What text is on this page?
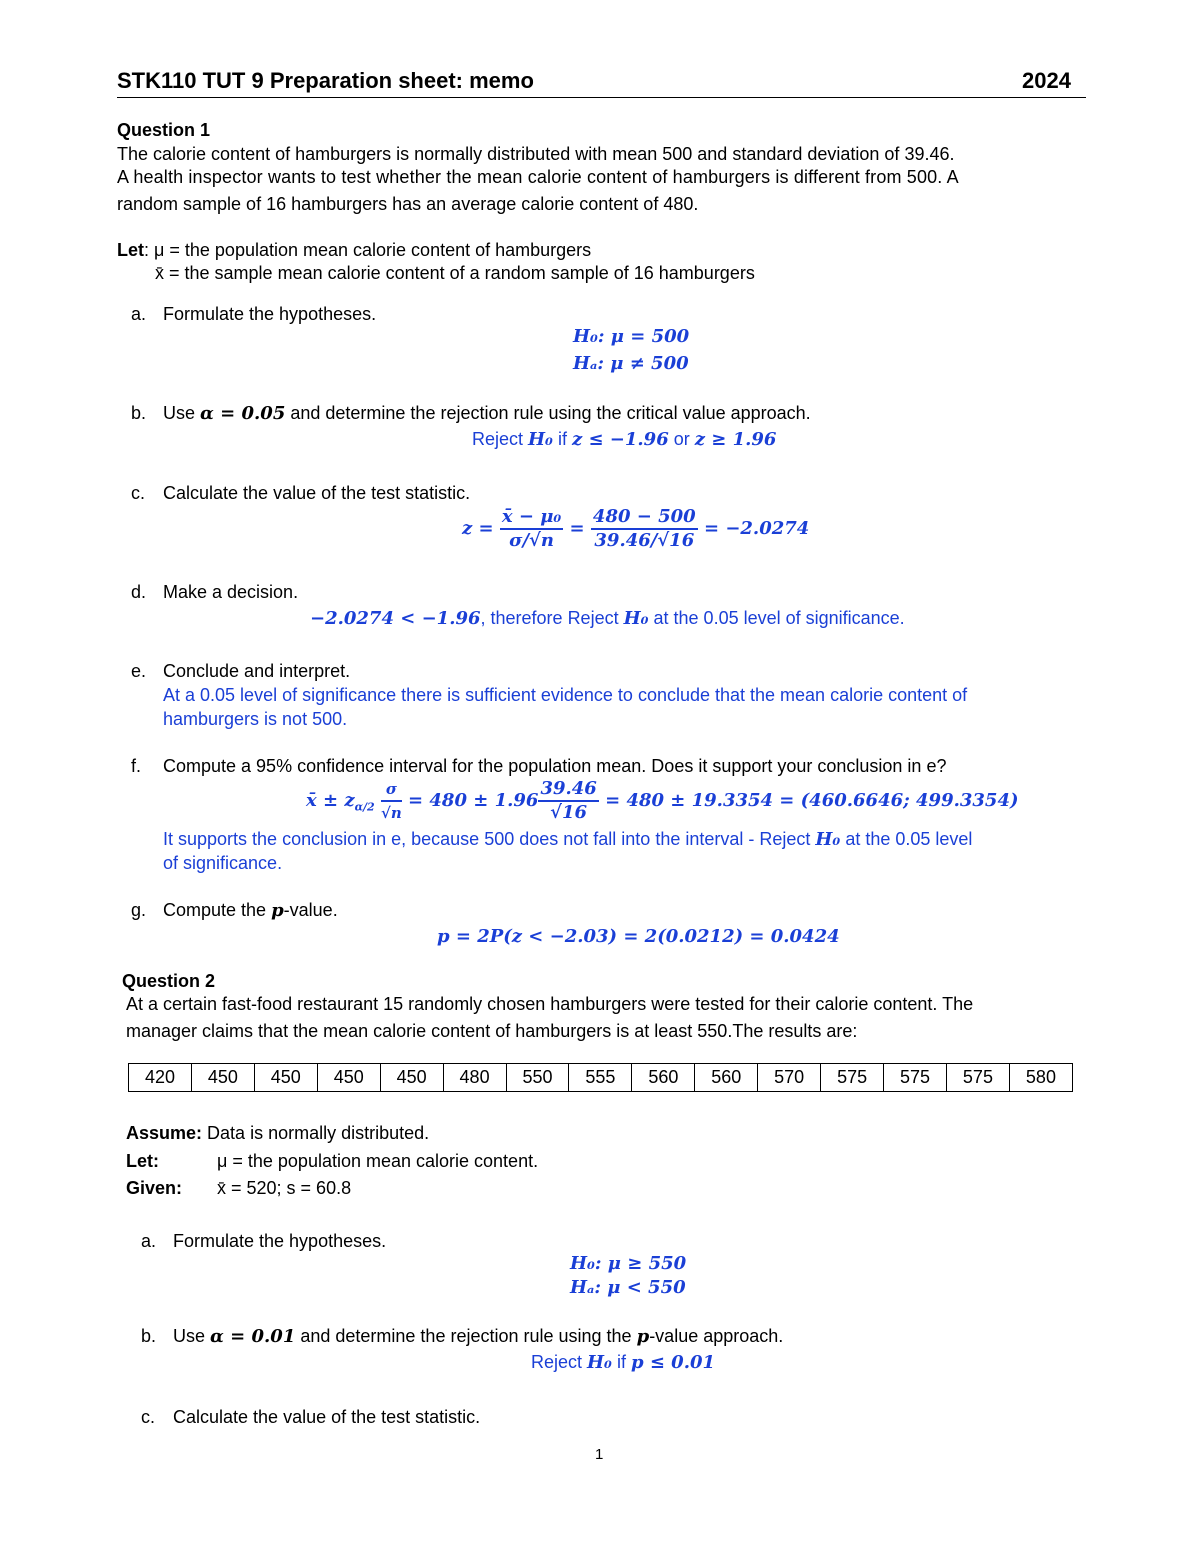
STK110 TUT 9 Preparation sheet: memo	2024
Question 1
The calorie content of hamburgers is normally distributed with mean 500 and standard deviation of 39.46.
A health inspector wants to test whether the mean calorie content of hamburgers is different from 500. A
random sample of 16 hamburgers has an average calorie content of 480.
Let: μ = the population mean calorie content of hamburgers
x̄ = the sample mean calorie content of a random sample of 16 hamburgers
a. Formulate the hypotheses.
H₀: μ = 500
Hₐ: μ ≠ 500
b. Use α = 0.05 and determine the rejection rule using the critical value approach.
Reject H₀ if z ≤ −1.96 or z ≥ 1.96
c. Calculate the value of the test statistic.
$z = \frac{\text{x̄ − μ₀}}{\sigma/√n} = \frac{480 - 500}{39.46/√16} = -2.0274$
d. Make a decision.
−2.0274 < −1.96, therefore Reject H₀ at the 0.05 level of significance.
e. Conclude and interpret.
At a 0.05 level of significance there is sufficient evidence to conclude that the mean calorie content of
hamburgers is not 500.
f. Compute a 95% confidence interval for the population mean. Does it support your conclusion in e?
x̄ ± $z_{\alpha/2} \frac{\sigma}{√n} = 480 \pm 1.96 \frac{39.46}{√16} = 480 \pm 19.3354 = (460.6646$; 499.3354)
It supports the conclusion in e, because 500 does not fall into the interval - Reject H₀ at the 0.05 level
of significance.
g. Compute the p-value.
p = 2P(z < −2.03) = 2(0.0212) = 0.0424
Question 2
At a certain fast-food restaurant 15 randomly chosen hamburgers were tested for their calorie content. The
manager claims that the mean calorie content of hamburgers is at least 550.The results are:
420	450	450	450	450	480	550	555	560	560	570	575	575	575	580
Assume: Data is normally distributed.
Let:	μ = the population mean calorie content.
Given: x̄ = 520; s = 60.8
a. Formulate the hypotheses.
H₀: μ ≥ 550
Hₐ: μ < 550
b. Use α = 0.01 and determine the rejection rule using the p-value approach.
Reject H₀ if p ≤ 0.01
c. Calculate the value of the test statistic.
1
